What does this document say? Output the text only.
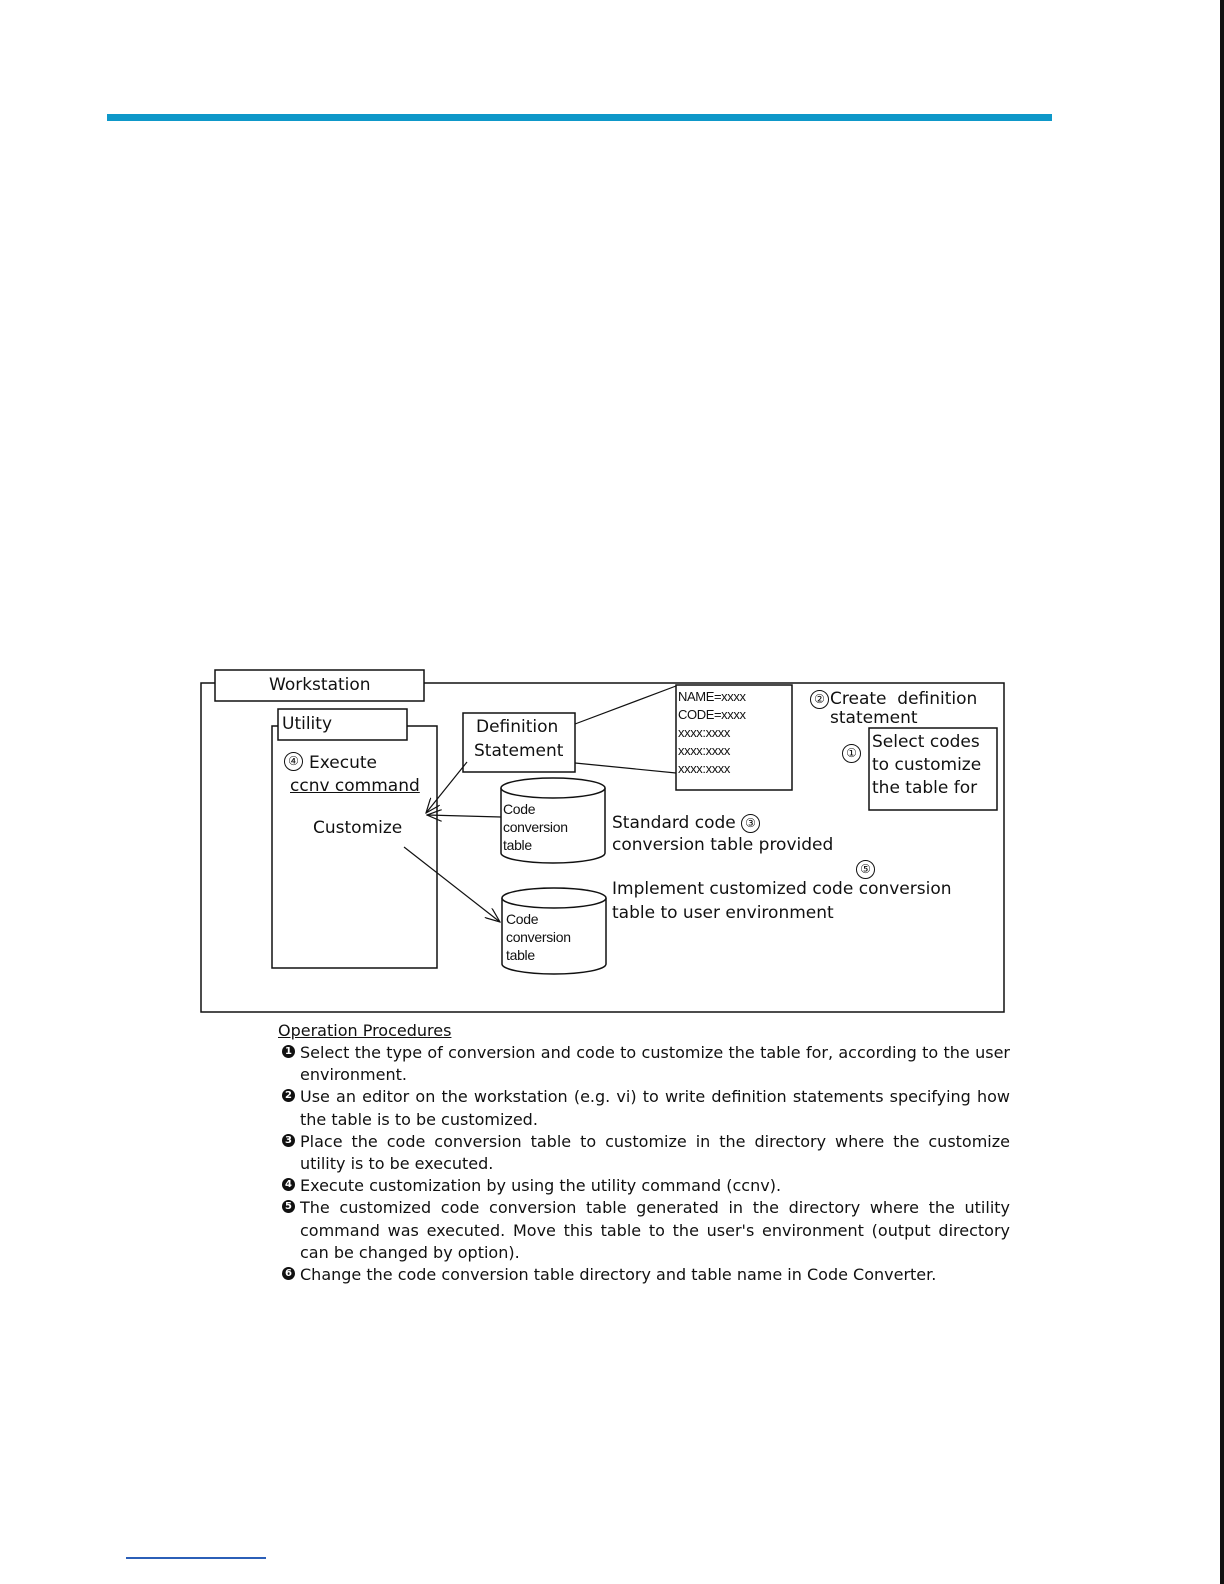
Workstation
Utility
④ Execute
ccnv command
Customize
Definition
Statement
NAME=xxxx
CODE=xxxx
xxxx:xxxx
xxxx:xxxx
xxxx:xxxx
② Create  definition
statement
①
Select codes
to customize
the table for
Code
conversion
table
Standard code ③
conversion table provided
⑤
Implement customized code conversion
table to user environment
Code
conversion
table
Operation Procedures
1 Select the type of conversion and code to customize the table for, according to the user environment.
2 Use an editor on the workstation (e.g. vi) to write definition statements specifying how the table is to be customized.
3 Place the code conversion table to customize in the directory where the customize utility is to be executed.
4 Execute customization by using the utility command (ccnv).
5 The customized code conversion table generated in the directory where the utility command was executed. Move this table to the user's environment (output directory can be changed by option).
6 Change the code conversion table directory and table name in Code Converter.
